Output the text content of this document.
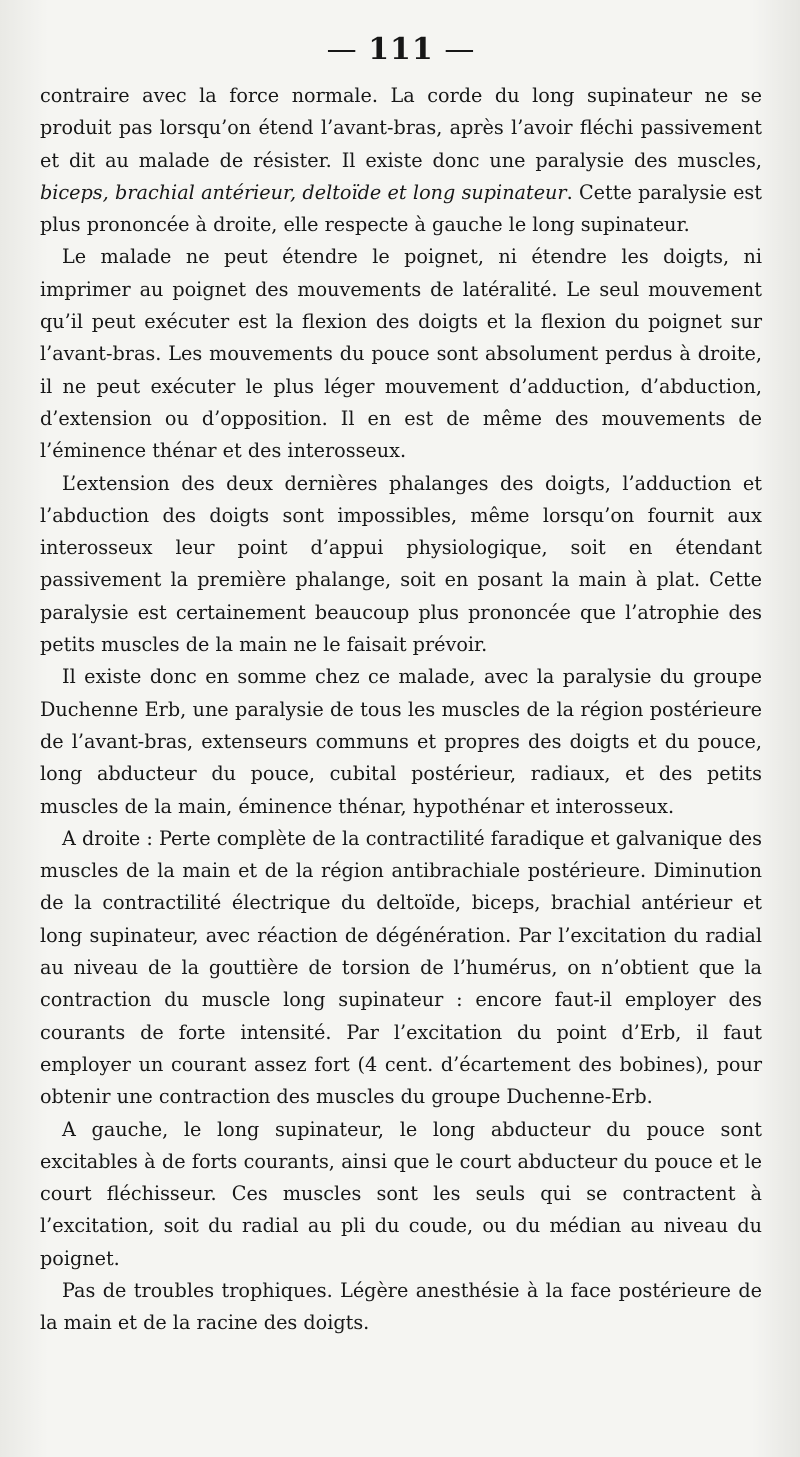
— 111 —

contraire avec la force normale. La corde du long supinateur ne se produit pas lorsqu’on étend l’avant-bras, après l’avoir fléchi passivement et dit au malade de résister. Il existe donc une paralysie des muscles, biceps, brachial antérieur, deltoïde et long supinateur. Cette paralysie est plus prononcée à droite, elle respecte à gauche le long supinateur.

Le malade ne peut étendre le poignet, ni étendre les doigts, ni imprimer au poignet des mouvements de latéralité. Le seul mouvement qu’il peut exécuter est la flexion des doigts et la flexion du poignet sur l’avant-bras. Les mouvements du pouce sont absolument perdus à droite, il ne peut exécuter le plus léger mouvement d’adduction, d’abduction, d’extension ou d’opposition. Il en est de même des mouvements de l’éminence thénar et des interosseux.

L’extension des deux dernières phalanges des doigts, l’adduction et l’abduction des doigts sont impossibles, même lorsqu’on fournit aux interosseux leur point d’appui physiologique, soit en étendant passivement la première phalange, soit en posant la main à plat. Cette paralysie est certainement beaucoup plus prononcée que l’atrophie des petits muscles de la main ne le faisait prévoir.

Il existe donc en somme chez ce malade, avec la paralysie du groupe Duchenne Erb, une paralysie de tous les muscles de la région postérieure de l’avant-bras, extenseurs communs et propres des doigts et du pouce, long abducteur du pouce, cubital postérieur, radiaux, et des petits muscles de la main, éminence thénar, hypothénar et interosseux.

A droite : Perte complète de la contractilité faradique et galvanique des muscles de la main et de la région antibrachiale postérieure. Diminution de la contractilité électrique du deltoïde, biceps, brachial antérieur et long supinateur, avec réaction de dégénération. Par l’excitation du radial au niveau de la gouttière de torsion de l’humérus, on n’obtient que la contraction du muscle long supinateur : encore faut-il employer des courants de forte intensité. Par l’excitation du point d’Erb, il faut employer un courant assez fort (4 cent. d’écartement des bobines), pour obtenir une contraction des muscles du groupe Duchenne-Erb.

A gauche, le long supinateur, le long abducteur du pouce sont excitables à de forts courants, ainsi que le court abducteur du pouce et le court fléchisseur. Ces muscles sont les seuls qui se contractent à l’excitation, soit du radial au pli du coude, ou du médian au niveau du poignet.

Pas de troubles trophiques. Légère anesthésie à la face postérieure de la main et de la racine des doigts.
